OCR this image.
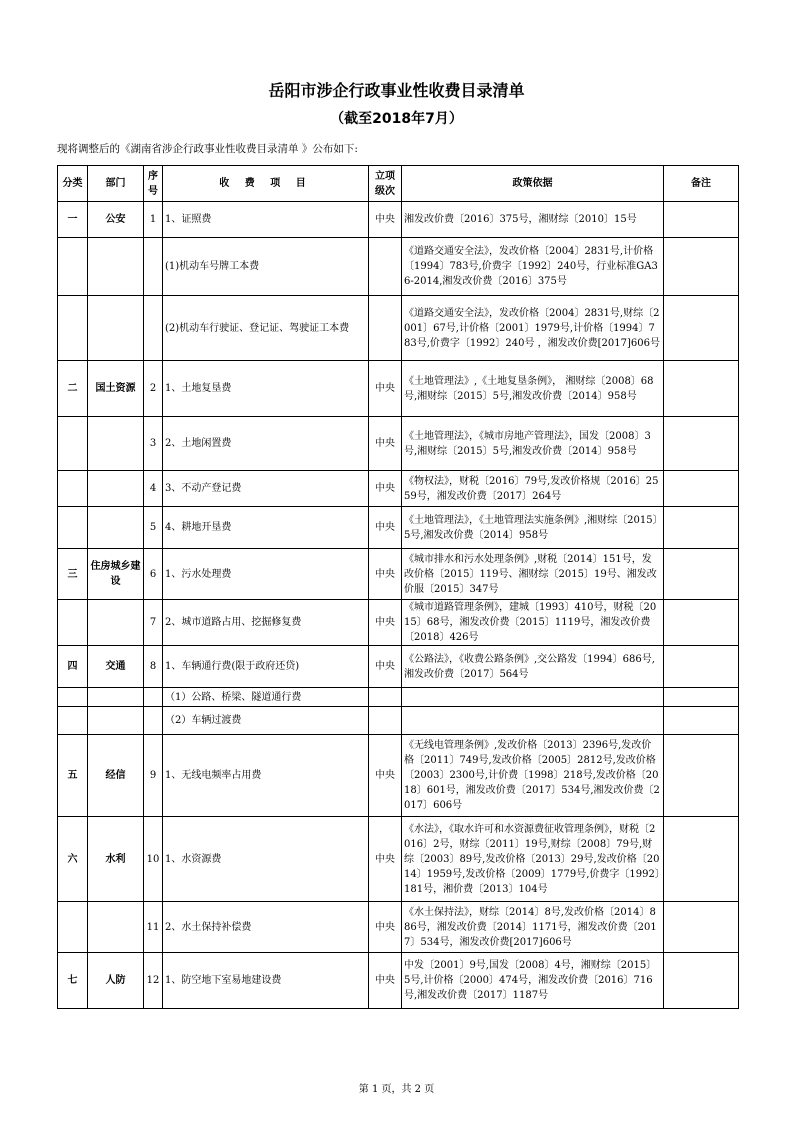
岳阳市涉企行政事业性收费目录清单
（截至2018年7月）
现将调整后的《湖南省涉企行政事业性收费目录清单 》公布如下:
分类	部门	序号	收 费 项 目	立项级次	政策依据	备注
一	公安	1	1、证照费	中央	湘发改价费〔2016〕375号，湘财综〔2010〕15号	
			(1)机动车号牌工本费		《道路交通安全法》，发改价格〔2004〕2831号,计价格〔1994〕783号,价费字〔1992〕240号，行业标准GA36-2014,湘发改价费〔2016〕375号	
			(2)机动车行驶证、登记证、驾驶证工本费		《道路交通安全法》，发改价格〔2004〕2831号,财综〔2001〕67号,计价格〔2001〕1979号,计价格〔1994〕783号,价费字〔1992〕240号 ，湘发改价费[2017]606号	
二	国土资源	2	1、土地复垦费	中央	《土地管理法》,《土地复垦条例》， 湘财综〔2008〕68号,湘财综〔2015〕5号,湘发改价费〔2014〕958号	
		3	2、土地闲置费	中央	《土地管理法》，《城市房地产管理法》，国发〔2008〕3号,湘财综〔2015〕5号,湘发改价费〔2014〕958号	
		4	3、不动产登记费	中央	《物权法》，财税〔2016〕79号,发改价格规〔2016〕2559号，湘发改价费〔2017〕264号	
		5	4、耕地开垦费	中央	《土地管理法》，《土地管理法实施条例》,湘财综〔2015〕5号,湘发改价费〔2014〕958号	
三	住房城乡建设	6	1、污水处理费	中央	《城市排水和污水处理条例》,财税〔2014〕151号，发改价格〔2015〕119号、湘财综〔2015〕19号、湘发改价服〔2015〕347号	
		7	2、城市道路占用、挖掘修复费	中央	《城市道路管理条例》，建城〔1993〕410号，财税〔2015〕68号，湘发改价费〔2015〕1119号，湘发改价费〔2018〕426号	
四	交通	8	1、车辆通行费(限于政府还贷)	中央	《公路法》，《收费公路条例》,交公路发〔1994〕686号,湘发改价费〔2017〕564号	
			（1）公路、桥梁、隧道通行费			
			（2）车辆过渡费			
五	经信	9	1、无线电频率占用费	中央	《无线电管理条例》,发改价格〔2013〕2396号,发改价格〔2011〕749号,发改价格〔2005〕2812号,发改价格〔2003〕2300号,计价费〔1998〕218号,发改价格〔2018〕601号，湘发改价费〔2017〕534号,湘发改价费〔2017〕606号	
六	水利	10	1、水资源费	中央	《水法》，《取水许可和水资源费征收管理条例》，财税〔2016〕2号，财综〔2011〕19号,财综〔2008〕79号,财综〔2003〕89号,发改价格〔2013〕29号,发改价格〔2014〕1959号,发改价格〔2009〕1779号,价费字〔1992〕181号，湘价费〔2013〕104号	
		11	2、水土保持补偿费	中央	《水土保持法》，财综〔2014〕8号,发改价格〔2014〕886号，湘发改价费〔2014〕1171号，湘发改价费〔2017〕534号，湘发改价费[2017]606号	
七	人防	12	1、防空地下室易地建设费	中央	中发〔2001〕9号,国发〔2008〕4号，湘财综〔2015〕5号,计价格〔2000〕474号，湘发改价费〔2016〕716号,湘发改价费〔2017〕1187号	
第 1 页，共 2 页
